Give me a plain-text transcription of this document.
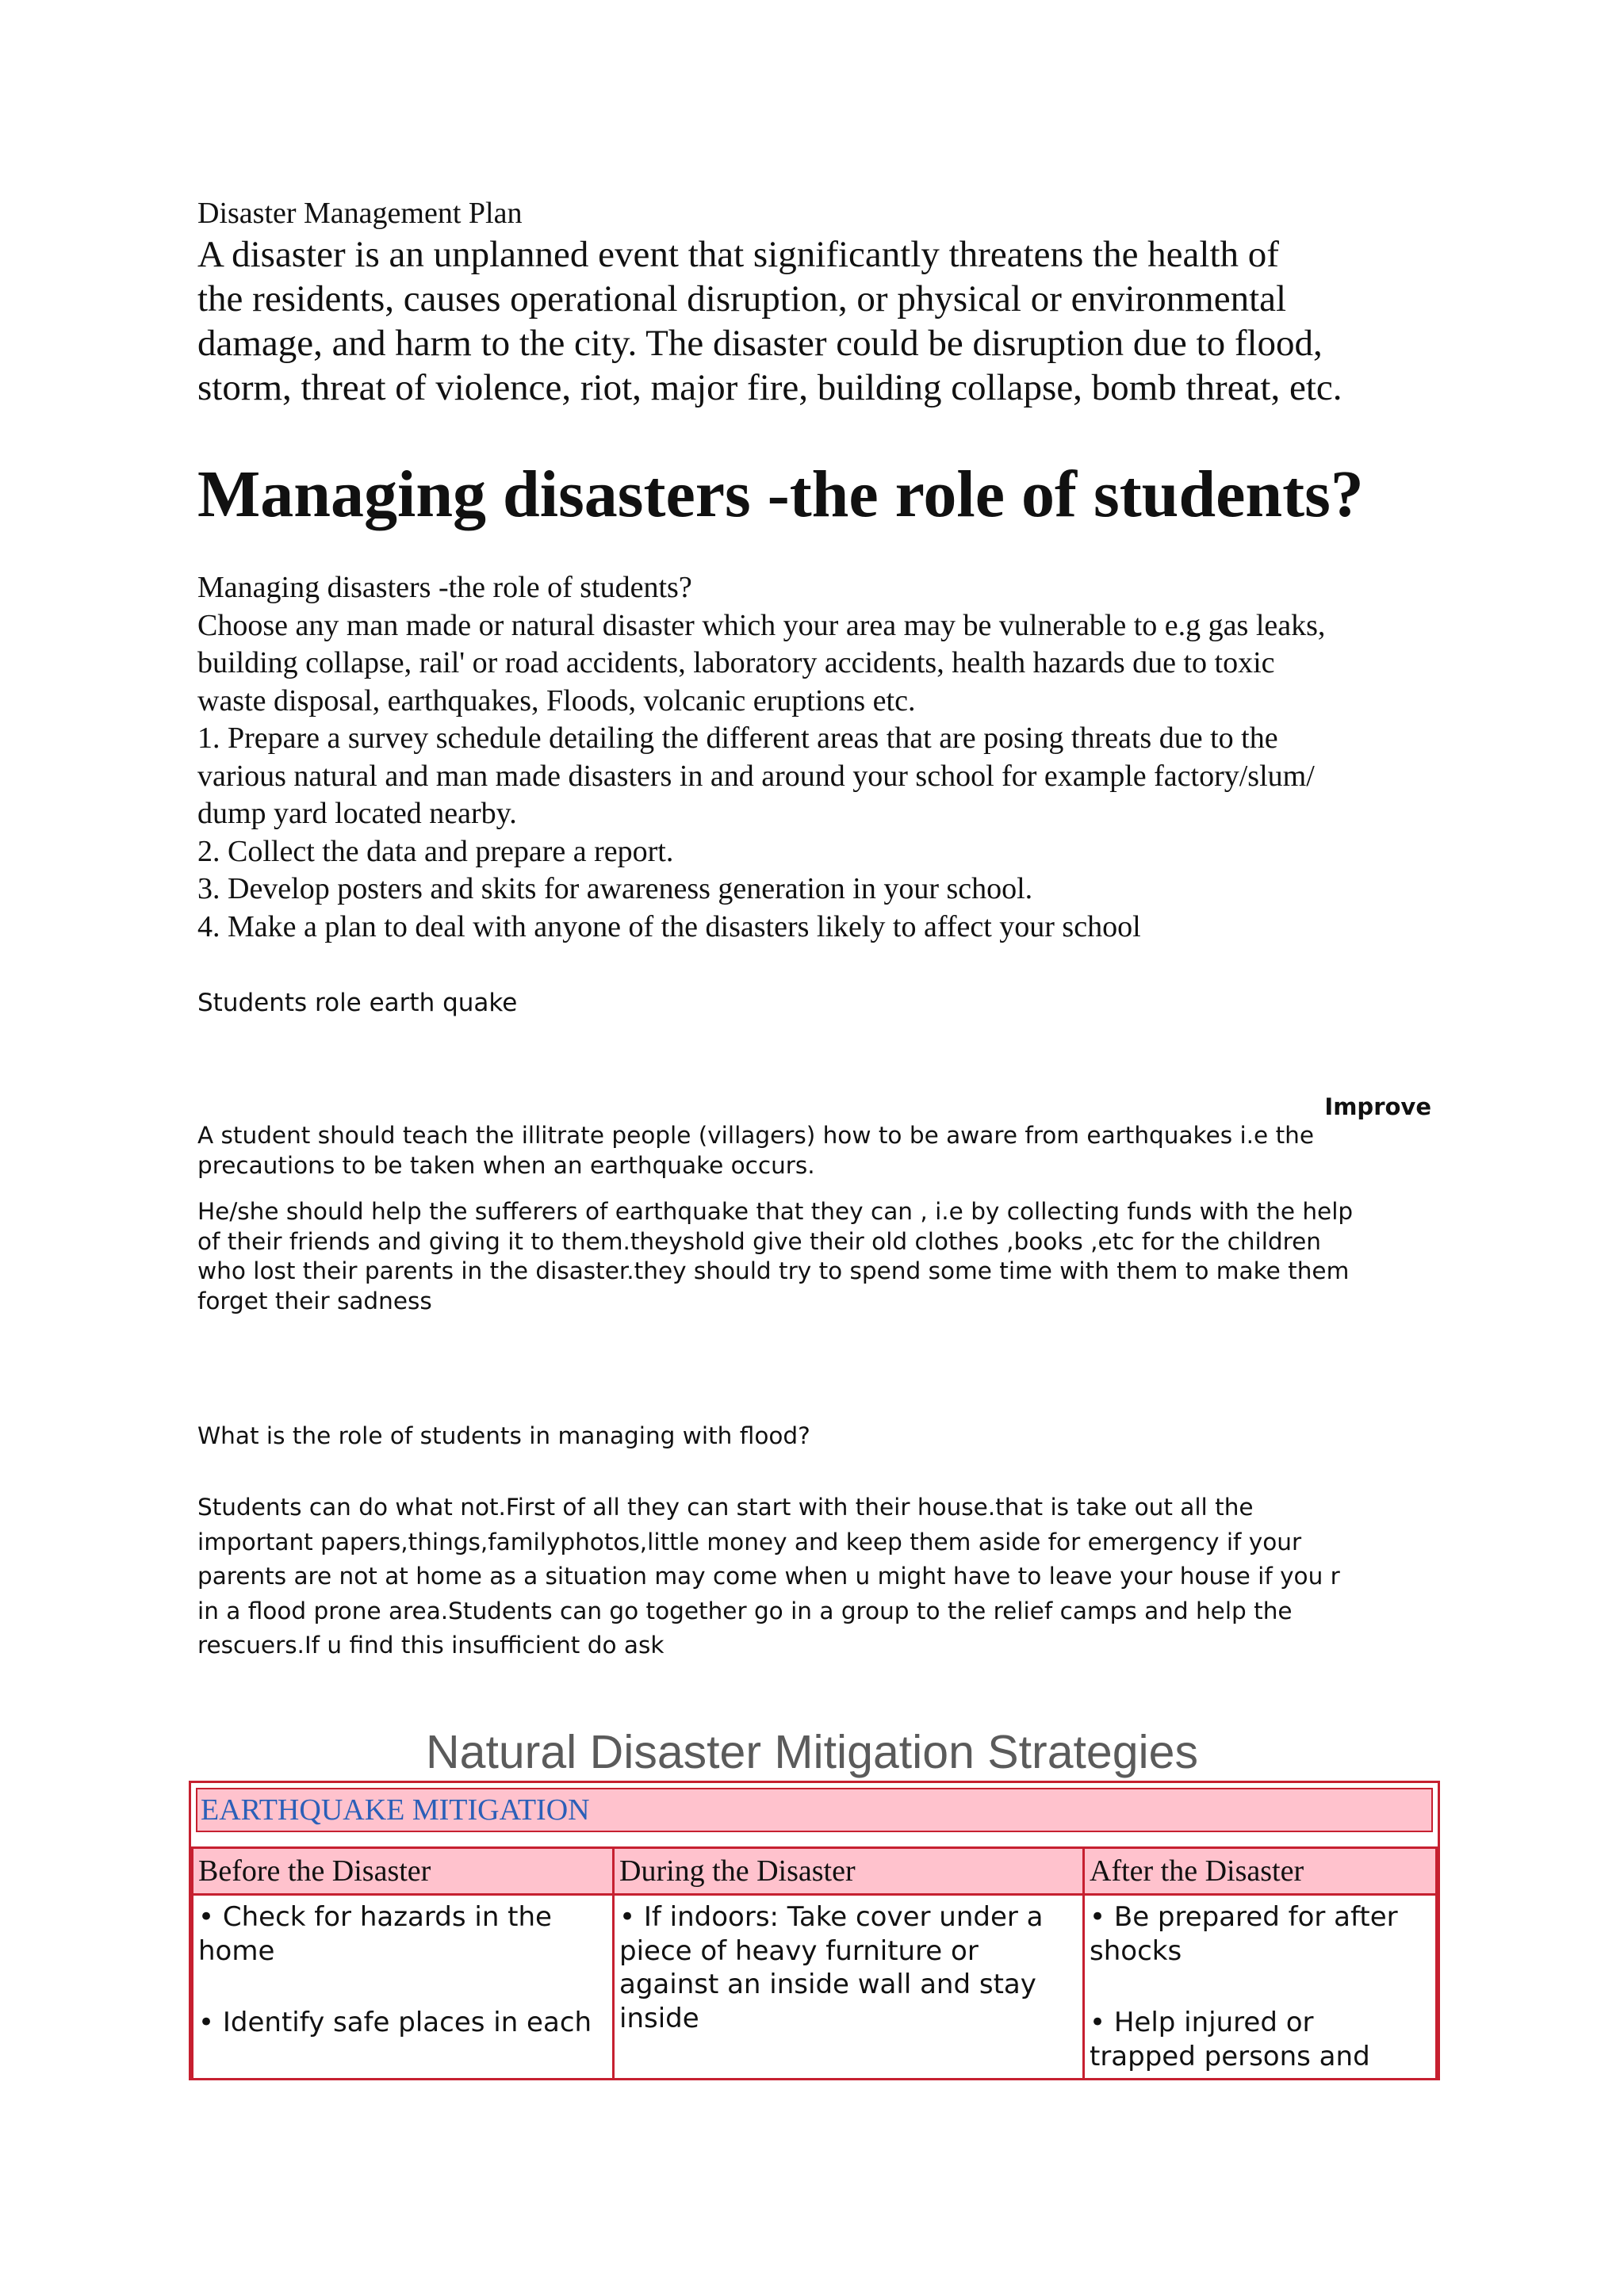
Disaster Management Plan
A disaster is an unplanned event that significantly threatens the health of
the residents, causes operational disruption, or physical or environmental
damage, and harm to the city. The disaster could be disruption due to flood,
storm, threat of violence, riot, major fire, building collapse, bomb threat, etc.
Managing disasters -the role of students?
Managing disasters -the role of students?
Choose any man made or natural disaster which your area may be vulnerable to e.g gas leaks,
building collapse, rail' or road accidents, laboratory accidents, health hazards due to toxic
waste disposal, earthquakes, Floods, volcanic eruptions etc.
1. Prepare a survey schedule detailing the different areas that are posing threats due to the
various natural and man made disasters in and around your school for example factory/slum/
dump yard located nearby.
2. Collect the data and prepare a report.
3. Develop posters and skits for awareness generation in your school.
4. Make a plan to deal with anyone of the disasters likely to affect your school
Students role earth quake
Improve
A student should teach the illitrate people (villagers) how to be aware from earthquakes i.e the
precautions to be taken when an earthquake occurs.
He/she should help the sufferers of earthquake that they can , i.e by collecting funds with the help
of their friends and giving it to them.theyshold give their old clothes ,books ,etc for the children
who lost their parents in the disaster.they should try to spend some time with them to make them
forget their sadness
What is the role of students in managing with flood?
Students can do what not.First of all they can start with their house.that is take out all the
important papers,things,familyphotos,little money and keep them aside for emergency if your
parents are not at home as a situation may come when u might have to leave your house if you r
in a flood prone area.Students can go together go in a group to the relief camps and help the
rescuers.If u find this insufficient do ask
Natural Disaster Mitigation Strategies
EARTHQUAKE MITIGATION
Before the Disaster	During the Disaster	After the Disaster
• Check for hazards in the
home
• Identify safe places in each
• If indoors: Take cover under a
piece of heavy furniture or
against an inside wall and stay
inside
• Be prepared for after
shocks
• Help injured or
trapped persons and
